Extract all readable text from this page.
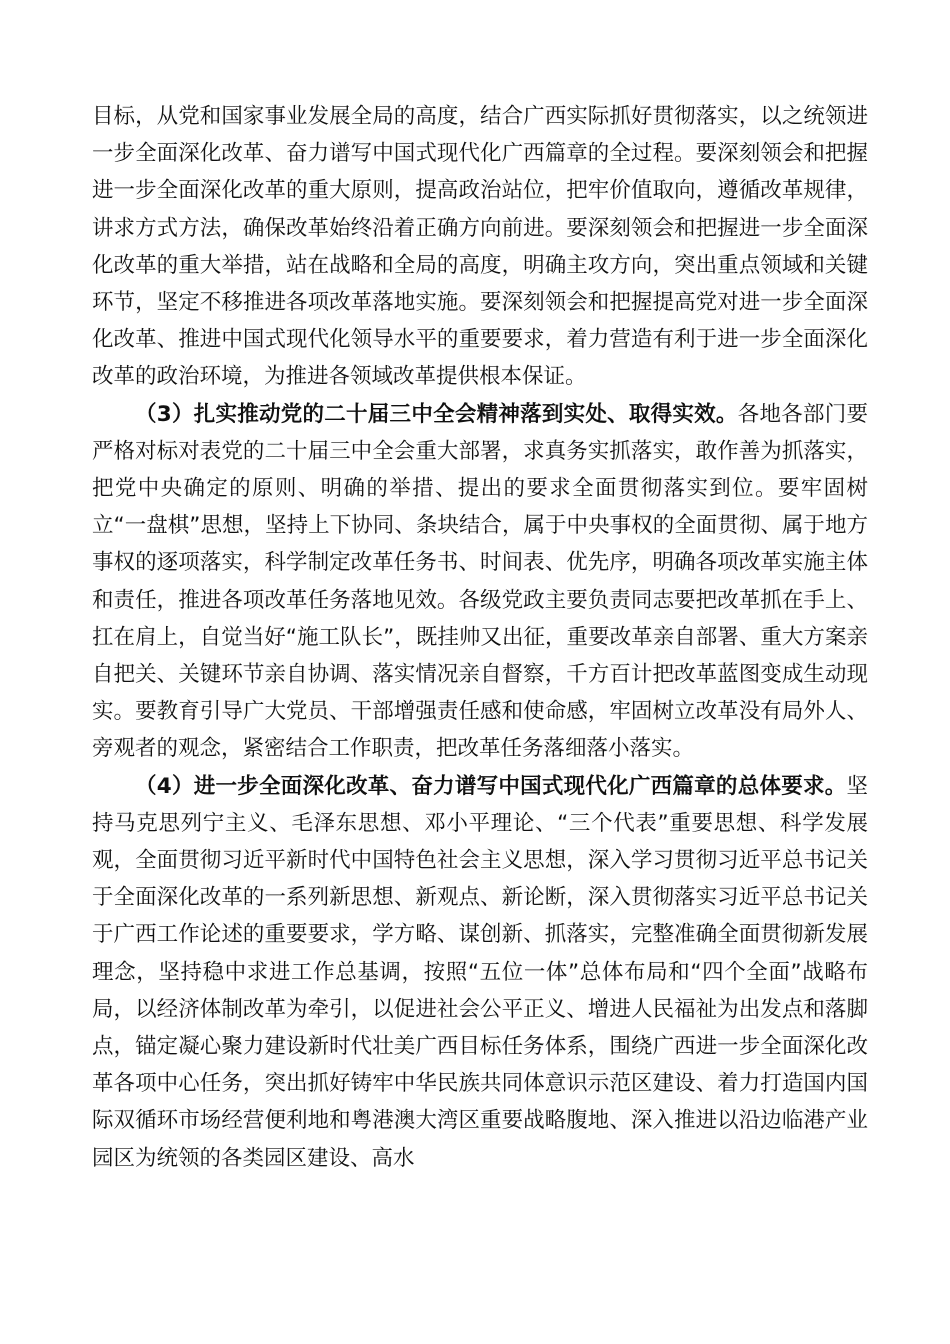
目标，从党和国家事业发展全局的高度，结合广西实际抓好贯彻落实，以之统领进一步全面深化改革、奋力谱写中国式现代化广西篇章的全过程。要深刻领会和把握进一步全面深化改革的重大原则，提高政治站位，把牢价值取向，遵循改革规律，讲求方式方法，确保改革始终沿着正确方向前进。要深刻领会和把握进一步全面深化改革的重大举措，站在战略和全局的高度，明确主攻方向，突出重点领域和关键环节，坚定不移推进各项改革落地实施。要深刻领会和把握提高党对进一步全面深化改革、推进中国式现代化领导水平的重要要求，着力营造有利于进一步全面深化改革的政治环境，为推进各领域改革提供根本保证。

（3）扎实推动党的二十届三中全会精神落到实处、取得实效。各地各部门要严格对标对表党的二十届三中全会重大部署，求真务实抓落实，敢作善为抓落实，把党中央确定的原则、明确的举措、提出的要求全面贯彻落实到位。要牢固树立“一盘棋”思想，坚持上下协同、条块结合，属于中央事权的全面贯彻、属于地方事权的逐项落实，科学制定改革任务书、时间表、优先序，明确各项改革实施主体和责任，推进各项改革任务落地见效。各级党政主要负责同志要把改革抓在手上、扛在肩上，自觉当好“施工队长”，既挂帅又出征，重要改革亲自部署、重大方案亲自把关、关键环节亲自协调、落实情况亲自督察，千方百计把改革蓝图变成生动现实。要教育引导广大党员、干部增强责任感和使命感，牢固树立改革没有局外人、旁观者的观念，紧密结合工作职责，把改革任务落细落小落实。

（4）进一步全面深化改革、奋力谱写中国式现代化广西篇章的总体要求。坚持马克思列宁主义、毛泽东思想、邓小平理论、“三个代表”重要思想、科学发展观，全面贯彻习近平新时代中国特色社会主义思想，深入学习贯彻习近平总书记关于全面深化改革的一系列新思想、新观点、新论断，深入贯彻落实习近平总书记关于广西工作论述的重要要求，学方略、谋创新、抓落实，完整准确全面贯彻新发展理念，坚持稳中求进工作总基调，按照“五位一体”总体布局和“四个全面”战略布局，以经济体制改革为牵引，以促进社会公平正义、增进人民福祉为出发点和落脚点，锚定凝心聚力建设新时代壮美广西目标任务体系，围绕广西进一步全面深化改革各项中心任务，突出抓好铸牢中华民族共同体意识示范区建设、着力打造国内国际双循环市场经营便利地和粤港澳大湾区重要战略腹地、深入推进以沿边临港产业园区为统领的各类园区建设、高水
